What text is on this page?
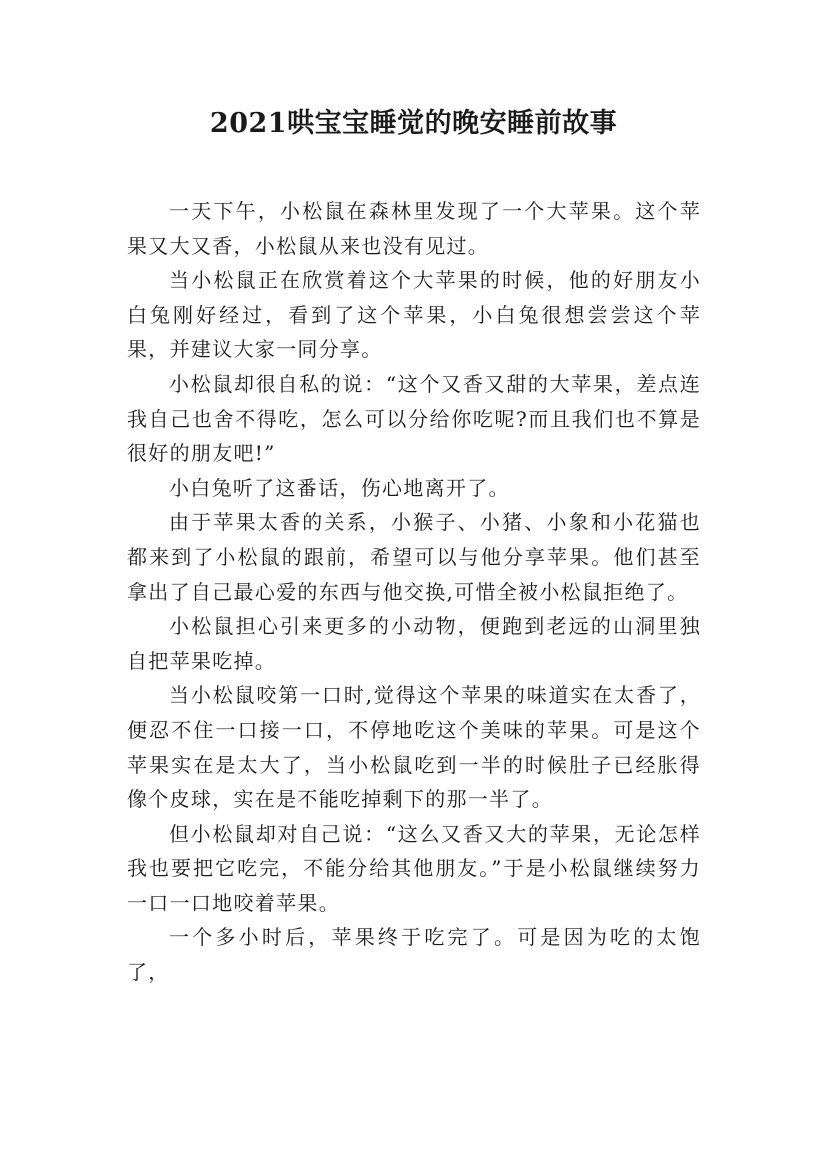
2021哄宝宝睡觉的晚安睡前故事

一天下午，小松鼠在森林里发现了一个大苹果。这个苹果又大又香，小松鼠从来也没有见过。

当小松鼠正在欣赏着这个大苹果的时候，他的好朋友小白兔刚好经过，看到了这个苹果，小白兔很想尝尝这个苹果，并建议大家一同分享。

小松鼠却很自私的说：“这个又香又甜的大苹果，差点连我自己也舍不得吃，怎么可以分给你吃呢?而且我们也不算是很好的朋友吧!”

小白兔听了这番话，伤心地离开了。

由于苹果太香的关系，小猴子、小猪、小象和小花猫也都来到了小松鼠的跟前，希望可以与他分享苹果。他们甚至拿出了自己最心爱的东西与他交换,可惜全被小松鼠拒绝了。

小松鼠担心引来更多的小动物，便跑到老远的山洞里独自把苹果吃掉。

当小松鼠咬第一口时,觉得这个苹果的味道实在太香了，便忍不住一口接一口，不停地吃这个美味的苹果。可是这个苹果实在是太大了，当小松鼠吃到一半的时候肚子已经胀得像个皮球，实在是不能吃掉剩下的那一半了。

但小松鼠却对自己说：“这么又香又大的苹果，无论怎样我也要把它吃完，不能分给其他朋友。”于是小松鼠继续努力一口一口地咬着苹果。

一个多小时后，苹果终于吃完了。可是因为吃的太饱了，
